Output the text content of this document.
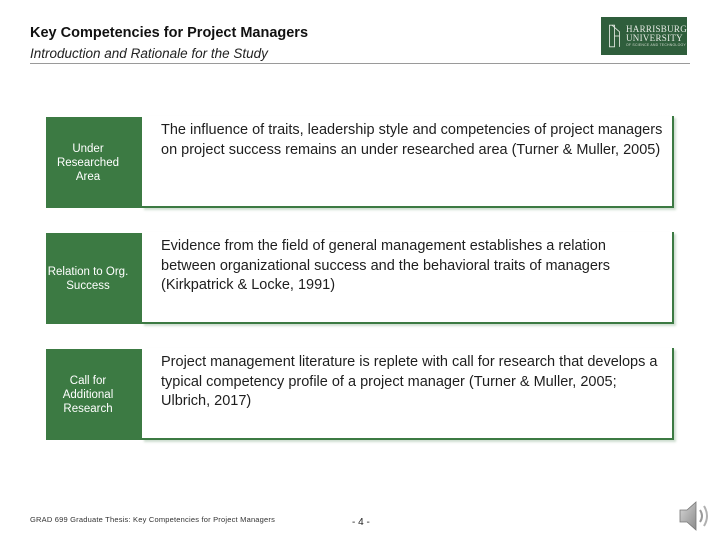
Key Competencies for Project Managers
Introduction and Rationale for the Study
HARRISBURG
UNIVERSITY
OF SCIENCE AND TECHNOLOGY
Under Researched Area
The influence of traits, leadership style and competencies of project managers on project success remains an under researched area (Turner & Muller, 2005)
Relation to Org. Success
Evidence from the field of general management establishes a relation between organizational success and the behavioral traits of managers (Kirkpatrick & Locke, 1991)
Call for Additional Research
Project management literature is replete with call for research that develops a typical competency profile of a project manager (Turner & Muller, 2005; Ulbrich, 2017)
GRAD 699 Graduate Thesis: Key Competencies for Project Managers	- 4 -
